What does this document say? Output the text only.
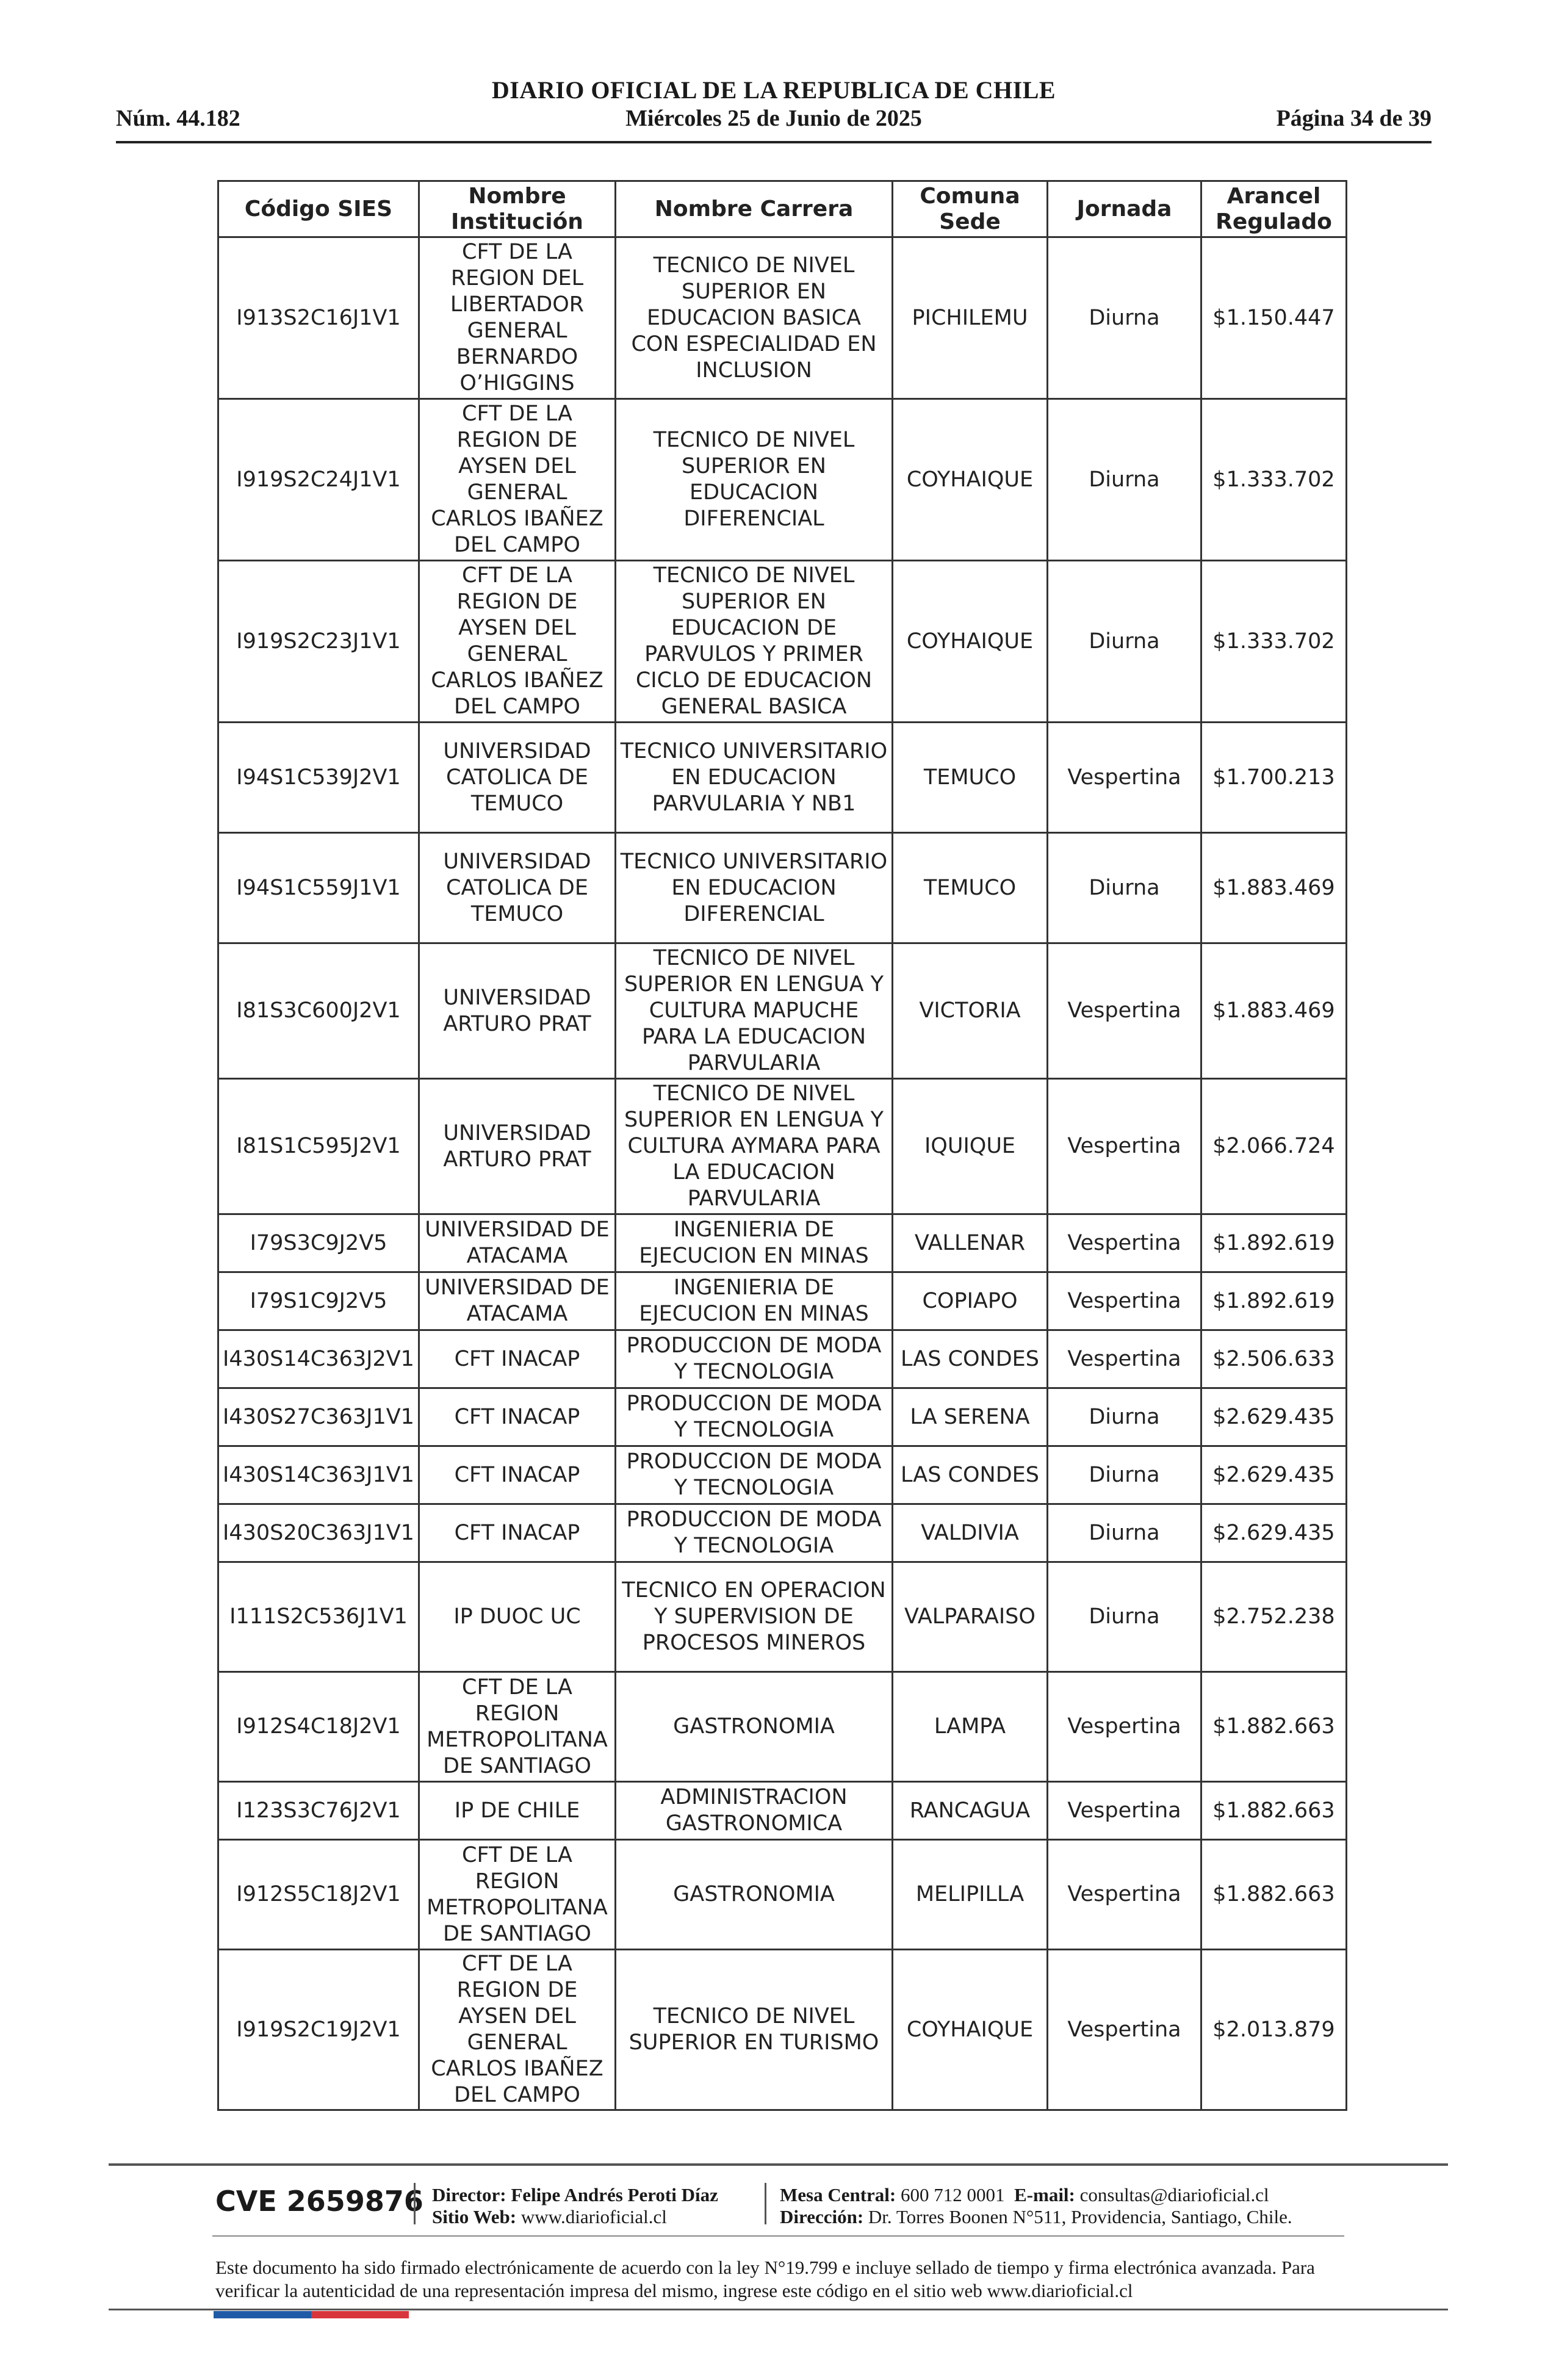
DIARIO OFICIAL DE LA REPUBLICA DE CHILE
Núm. 44.182	Miércoles 25 de Junio de 2025	Página 34 de 39
Código SIES	Nombre Institución	Nombre Carrera	Comuna Sede	Jornada	Arancel Regulado
I913S2C16J1V1	CFT DE LA REGION DEL LIBERTADOR GENERAL BERNARDO O’HIGGINS	TECNICO DE NIVEL SUPERIOR EN EDUCACION BASICA CON ESPECIALIDAD EN INCLUSION	PICHILEMU	Diurna	$1.150.447
I919S2C24J1V1	CFT DE LA REGION DE AYSEN DEL GENERAL CARLOS IBAÑEZ DEL CAMPO	TECNICO DE NIVEL SUPERIOR EN EDUCACION DIFERENCIAL	COYHAIQUE	Diurna	$1.333.702
I919S2C23J1V1	CFT DE LA REGION DE AYSEN DEL GENERAL CARLOS IBAÑEZ DEL CAMPO	TECNICO DE NIVEL SUPERIOR EN EDUCACION DE PARVULOS Y PRIMER CICLO DE EDUCACION GENERAL BASICA	COYHAIQUE	Diurna	$1.333.702
I94S1C539J2V1	UNIVERSIDAD CATOLICA DE TEMUCO	TECNICO UNIVERSITARIO EN EDUCACION PARVULARIA Y NB1	TEMUCO	Vespertina	$1.700.213
I94S1C559J1V1	UNIVERSIDAD CATOLICA DE TEMUCO	TECNICO UNIVERSITARIO EN EDUCACION DIFERENCIAL	TEMUCO	Diurna	$1.883.469
I81S3C600J2V1	UNIVERSIDAD ARTURO PRAT	TECNICO DE NIVEL SUPERIOR EN LENGUA Y CULTURA MAPUCHE PARA LA EDUCACION PARVULARIA	VICTORIA	Vespertina	$1.883.469
I81S1C595J2V1	UNIVERSIDAD ARTURO PRAT	TECNICO DE NIVEL SUPERIOR EN LENGUA Y CULTURA AYMARA PARA LA EDUCACION PARVULARIA	IQUIQUE	Vespertina	$2.066.724
I79S3C9J2V5	UNIVERSIDAD DE ATACAMA	INGENIERIA DE EJECUCION EN MINAS	VALLENAR	Vespertina	$1.892.619
I79S1C9J2V5	UNIVERSIDAD DE ATACAMA	INGENIERIA DE EJECUCION EN MINAS	COPIAPO	Vespertina	$1.892.619
I430S14C363J2V1	CFT INACAP	PRODUCCION DE MODA Y TECNOLOGIA	LAS CONDES	Vespertina	$2.506.633
I430S27C363J1V1	CFT INACAP	PRODUCCION DE MODA Y TECNOLOGIA	LA SERENA	Diurna	$2.629.435
I430S14C363J1V1	CFT INACAP	PRODUCCION DE MODA Y TECNOLOGIA	LAS CONDES	Diurna	$2.629.435
I430S20C363J1V1	CFT INACAP	PRODUCCION DE MODA Y TECNOLOGIA	VALDIVIA	Diurna	$2.629.435
I111S2C536J1V1	IP DUOC UC	TECNICO EN OPERACION Y SUPERVISION DE PROCESOS MINEROS	VALPARAISO	Diurna	$2.752.238
I912S4C18J2V1	CFT DE LA REGION METROPOLITANA DE SANTIAGO	GASTRONOMIA	LAMPA	Vespertina	$1.882.663
I123S3C76J2V1	IP DE CHILE	ADMINISTRACION GASTRONOMICA	RANCAGUA	Vespertina	$1.882.663
I912S5C18J2V1	CFT DE LA REGION METROPOLITANA DE SANTIAGO	GASTRONOMIA	MELIPILLA	Vespertina	$1.882.663
I919S2C19J2V1	CFT DE LA REGION DE AYSEN DEL GENERAL CARLOS IBAÑEZ DEL CAMPO	TECNICO DE NIVEL SUPERIOR EN TURISMO	COYHAIQUE	Vespertina	$2.013.879
CVE 2659876 Director: Felipe Andrés Peroti Díaz
Sitio Web: www.diarioficial.cl
Mesa Central: 600 712 0001 E-mail: consultas@diarioficial.cl
Dirección: Dr. Torres Boonen N°511, Providencia, Santiago, Chile.
Este documento ha sido firmado electrónicamente de acuerdo con la ley N°19.799 e incluye sellado de tiempo y firma electrónica avanzada. Para verificar la autenticidad de una representación impresa del mismo, ingrese este código en el sitio web www.diarioficial.cl
